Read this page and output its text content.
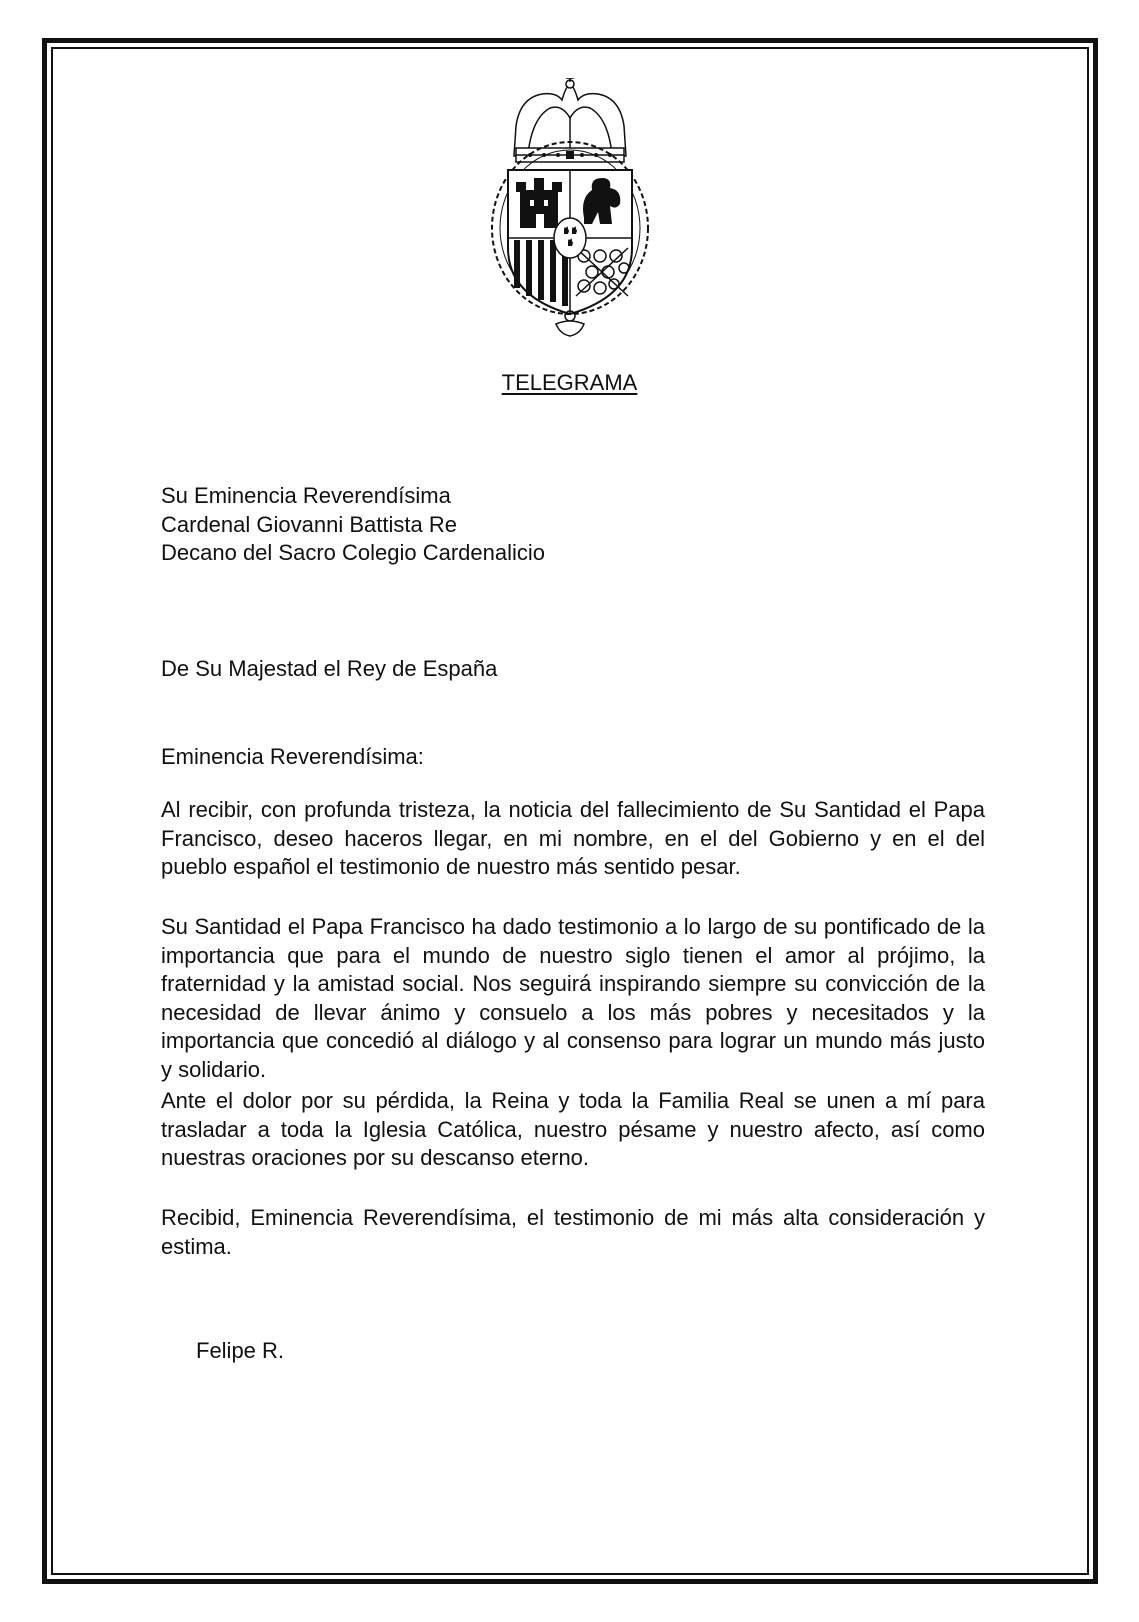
TELEGRAMA
Su Eminencia Reverendísima
Cardenal Giovanni Battista Re
Decano del Sacro Colegio Cardenalicio
De Su Majestad el Rey de España
Eminencia Reverendísima:
Al recibir, con profunda tristeza, la noticia del fallecimiento de Su Santidad el Papa Francisco, deseo haceros llegar, en mi nombre, en el del Gobierno y en el del pueblo español el testimonio de nuestro más sentido pesar.
Su Santidad el Papa Francisco ha dado testimonio a lo largo de su pontificado de la importancia que para el mundo de nuestro siglo tienen el amor al prójimo, la fraternidad y la amistad social. Nos seguirá inspirando siempre su convicción de la necesidad de llevar ánimo y consuelo a los más pobres y necesitados y la importancia que concedió al diálogo y al consenso para lograr un mundo más justo y solidario.
Ante el dolor por su pérdida, la Reina y toda la Familia Real se unen a mí para trasladar a toda la Iglesia Católica, nuestro pésame y nuestro afecto, así como nuestras oraciones por su descanso eterno.
Recibid, Eminencia Reverendísima, el testimonio de mi más alta consideración y estima.
Felipe R.
